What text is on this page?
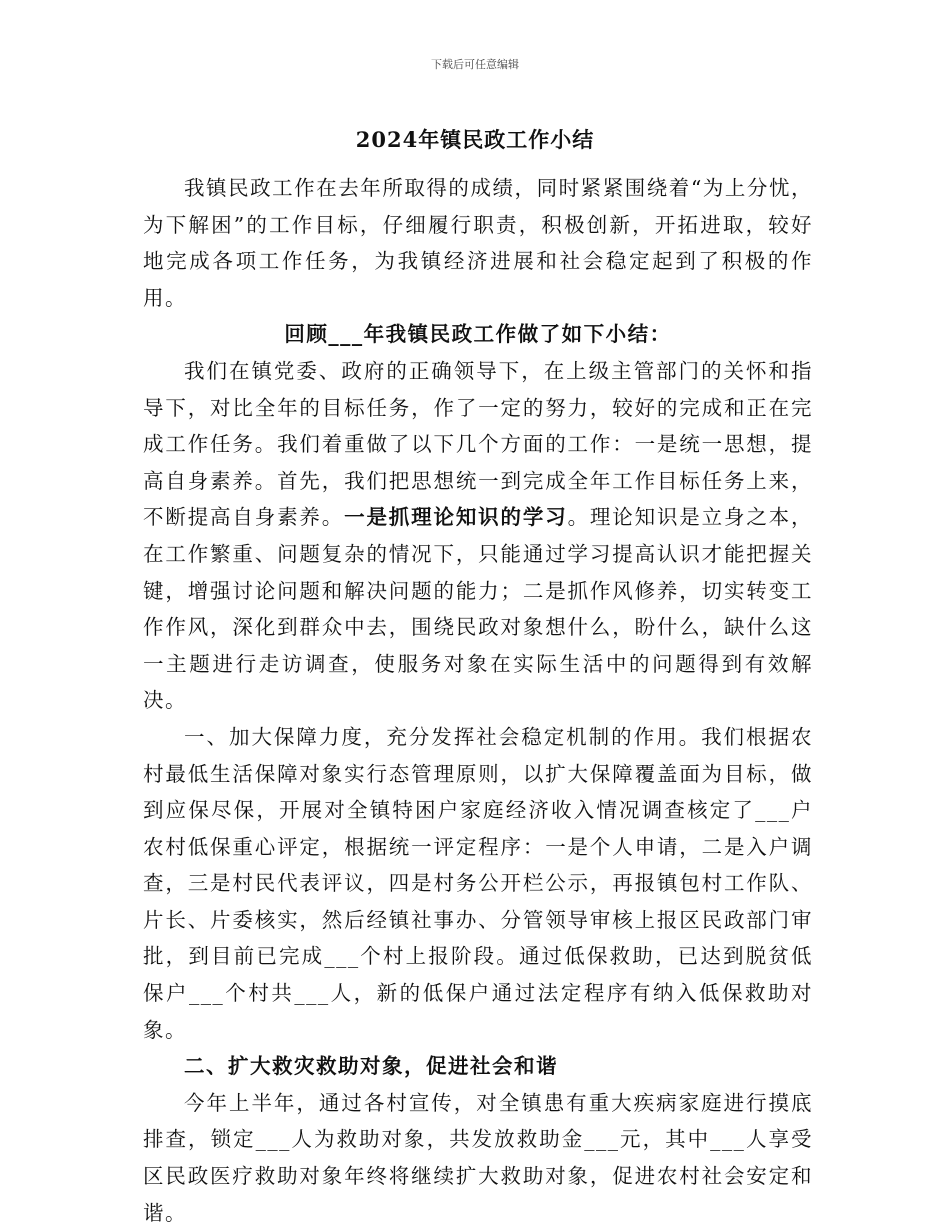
下载后可任意编辑
2024年镇民政工作小结

我镇民政工作在去年所取得的成绩，同时紧紧围绕着“为上分忧，为下解困”的工作目标，仔细履行职责，积极创新，开拓进取，较好地完成各项工作任务，为我镇经济进展和社会稳定起到了积极的作用。

回顾___年我镇民政工作做了如下小结：

我们在镇党委、政府的正确领导下，在上级主管部门的关怀和指导下，对比全年的目标任务，作了一定的努力，较好的完成和正在完成工作任务。我们着重做了以下几个方面的工作：一是统一思想，提高自身素养。首先，我们把思想统一到完成全年工作目标任务上来，不断提高自身素养。一是抓理论知识的学习。理论知识是立身之本，在工作繁重、问题复杂的情况下，只能通过学习提高认识才能把握关键，增强讨论问题和解决问题的能力；二是抓作风修养，切实转变工作作风，深化到群众中去，围绕民政对象想什么，盼什么，缺什么这一主题进行走访调查，使服务对象在实际生活中的问题得到有效解决。

一、加大保障力度，充分发挥社会稳定机制的作用。我们根据农村最低生活保障对象实行态管理原则，以扩大保障覆盖面为目标，做到应保尽保，开展对全镇特困户家庭经济收入情况调查核定了___户农村低保重心评定，根据统一评定程序：一是个人申请，二是入户调查，三是村民代表评议，四是村务公开栏公示，再报镇包村工作队、片长、片委核实，然后经镇社事办、分管领导审核上报区民政部门审批，到目前已完成___个村上报阶段。通过低保救助，已达到脱贫低保户___个村共___人，新的低保户通过法定程序有纳入低保救助对象。

二、扩大救灾救助对象，促进社会和谐

今年上半年，通过各村宣传，对全镇患有重大疾病家庭进行摸底排查，锁定___人为救助对象，共发放救助金___元，其中___人享受区民政医疗救助对象年终将继续扩大救助对象，促进农村社会安定和谐。
